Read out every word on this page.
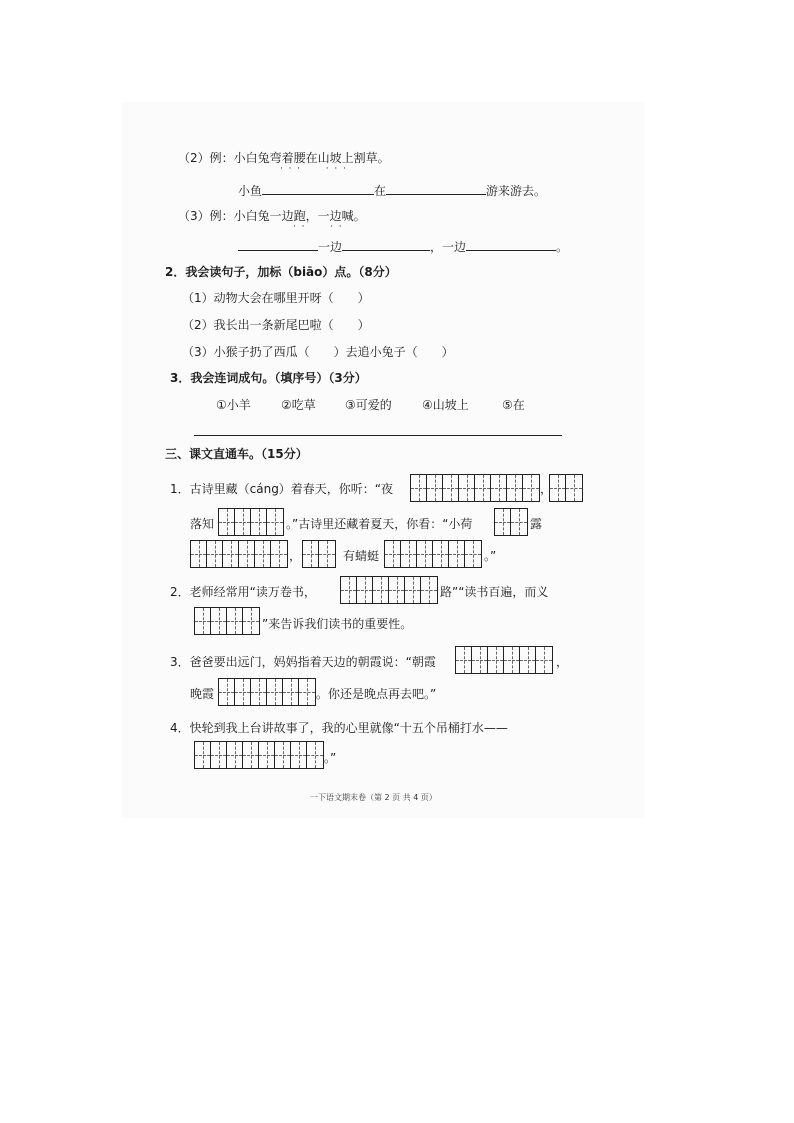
（2）例：小白兔弯着腰在山坡上割草。
·  ·  ·         ·  ·  ·
小鱼	在	游来游去。
（3）例：小白兔一边跑，一边喊。
·  ·         ·  ·
一边	，一边	。
2．我会读句子，加标（biāo）点。（8分）
（1）动物大会在哪里开呀（　　）
（2）我长出一条新尾巴啦（　　）
（3）小猴子扔了西瓜（　　）去追小兔子（　　）
3．我会连词成句。（填序号）（3分）
①小羊	②吃草 ③可爱的	④山坡上	⑤在
三、课文直通车。（15分）
1．古诗里藏（cáng）着春天，你听：“夜	，
落知	。”古诗里还藏着夏天，你看：“小荷	露
，	有蜻蜓	。”
2．老师经常用“读万卷书，	路”“读书百遍，而义
”来告诉我们读书的重要性。
3．爸爸要出远门，妈妈指着天边的朝霞说：“朝霞	，
晚霞	。你还是晚点再去吧。”
4．快轮到我上台讲故事了，我的心里就像“十五个吊桶打水——
。”
一下语文期末卷（第 2 页 共 4 页）
